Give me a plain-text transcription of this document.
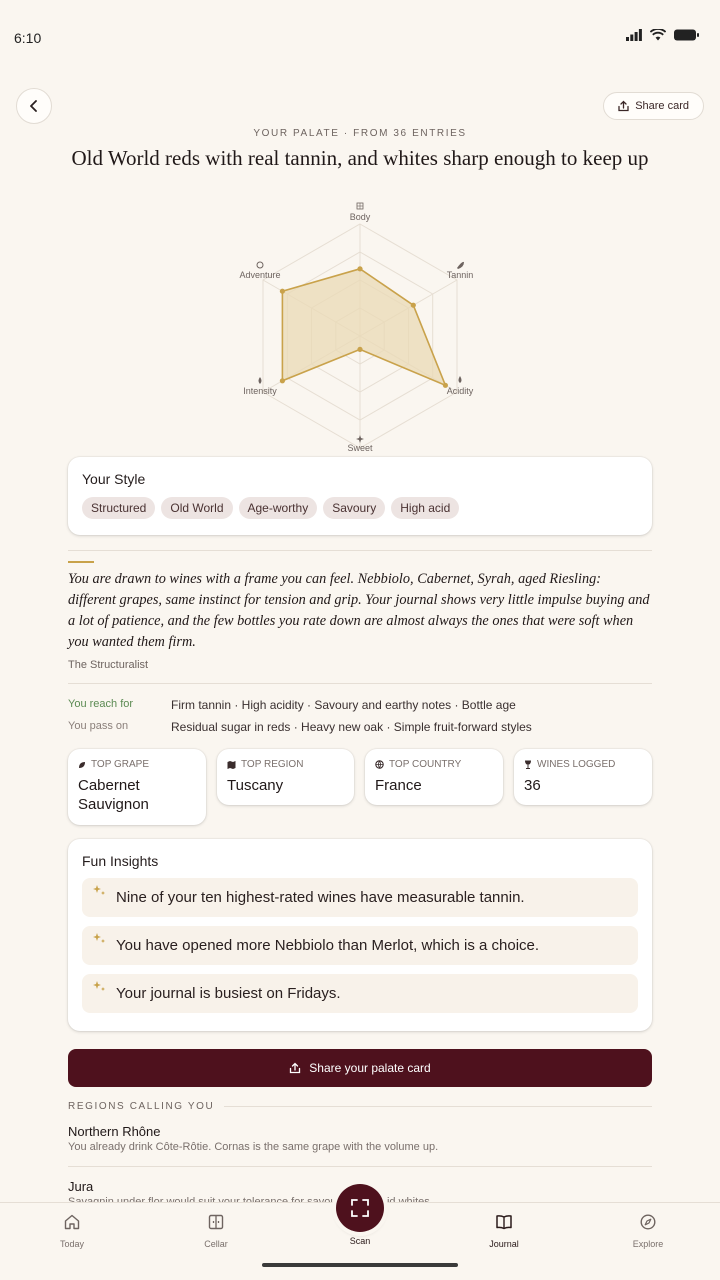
6:10
Share card
YOUR PALATE · FROM 36 ENTRIES
Old World reds with real tannin, and whites sharp enough to keep up
Body
Tannin
Acidity
Sweet
Intensity
Adventure
Your Style
Structured	Old World	Age-worthy	Savoury	High acid

You are drawn to wines with a frame you can feel. Nebbiolo, Cabernet, Syrah, aged Riesling: different grapes, same instinct for tension and grip. Your journal shows very little impulse buying and a lot of patience, and the few bottles you rate down are almost always the ones that were soft when you wanted them firm.

The Structuralist
You reach for	Firm tannin · High acidity · Savoury and earthy notes · Bottle age
You pass on	Residual sugar in reds · Heavy new oak · Simple fruit-forward styles
TOP GRAPE
Cabernet Sauvignon
TOP REGION
Tuscany
TOP COUNTRY
France
WINES LOGGED
36
Fun Insights
Nine of your ten highest-rated wines have measurable tannin.
You have opened more Nebbiolo than Merlot, which is a choice.
Your journal is busiest on Fridays.
Share your palate card
REGIONS CALLING YOU
Northern Rhône
You already drink Côte-Rôtie. Cornas is the same grape with the volume up.
Jura
Today	Cellar	Journal	Explore
Scan
